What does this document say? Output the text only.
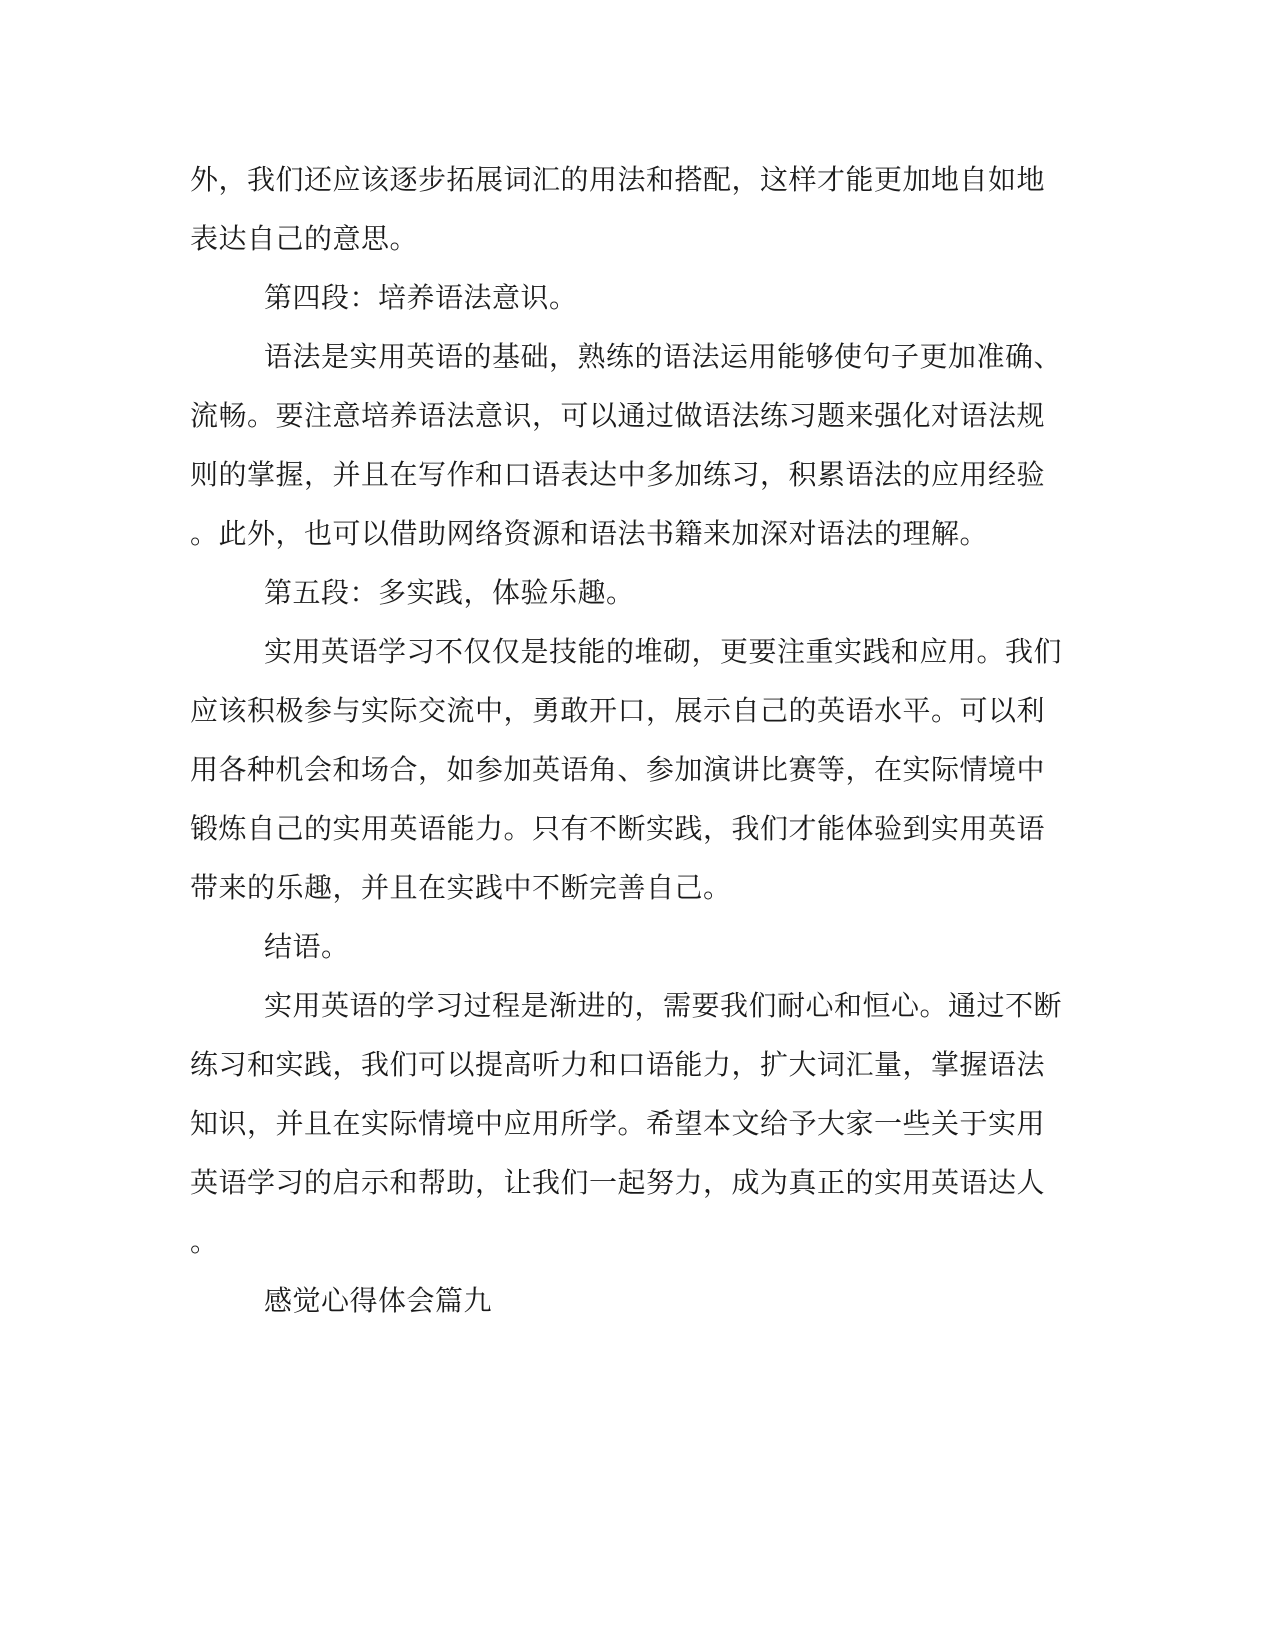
外，我们还应该逐步拓展词汇的用法和搭配，这样才能更加地自如地
表达自己的意思。
第四段：培养语法意识。
语法是实用英语的基础，熟练的语法运用能够使句子更加准确、
流畅。要注意培养语法意识，可以通过做语法练习题来强化对语法规
则的掌握，并且在写作和口语表达中多加练习，积累语法的应用经验
。此外，也可以借助网络资源和语法书籍来加深对语法的理解。
第五段：多实践，体验乐趣。
实用英语学习不仅仅是技能的堆砌，更要注重实践和应用。我们
应该积极参与实际交流中，勇敢开口，展示自己的英语水平。可以利
用各种机会和场合，如参加英语角、参加演讲比赛等，在实际情境中
锻炼自己的实用英语能力。只有不断实践，我们才能体验到实用英语
带来的乐趣，并且在实践中不断完善自己。
结语。
实用英语的学习过程是渐进的，需要我们耐心和恒心。通过不断
练习和实践，我们可以提高听力和口语能力，扩大词汇量，掌握语法
知识，并且在实际情境中应用所学。希望本文给予大家一些关于实用
英语学习的启示和帮助，让我们一起努力，成为真正的实用英语达人
。
感觉心得体会篇九
